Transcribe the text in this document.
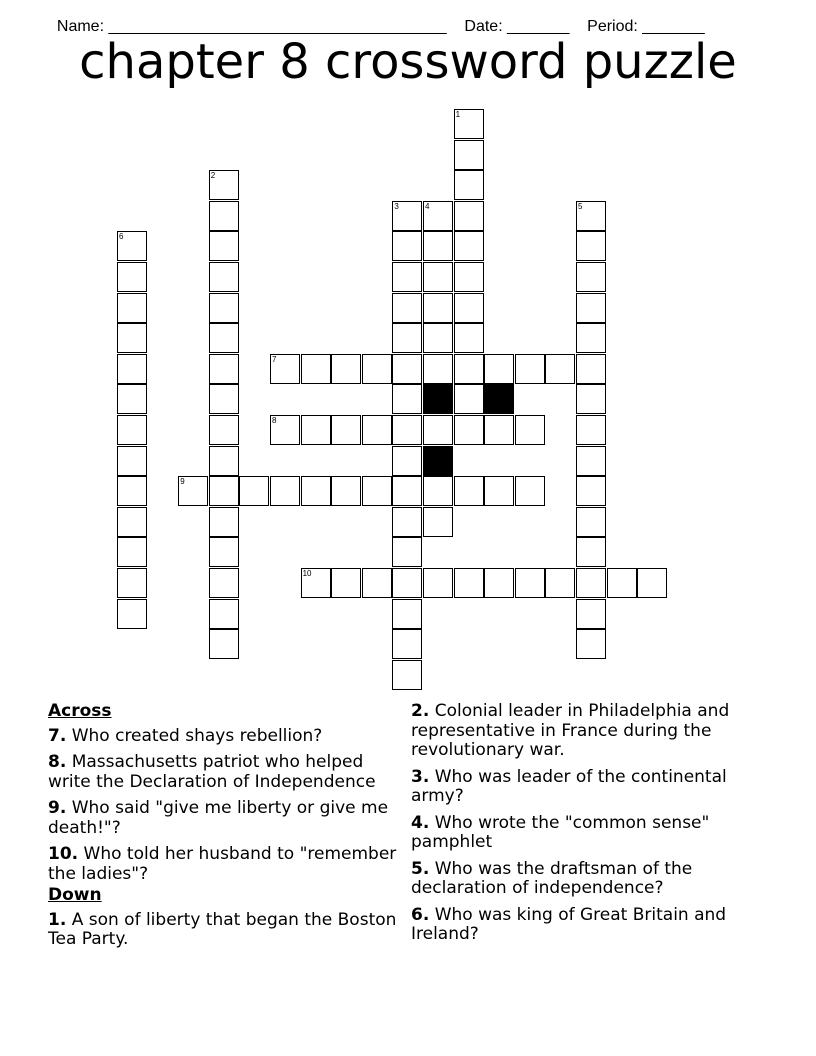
Name: ______________________________________ Date: _______ Period: _______

chapter 8 crossword puzzle
1
2
3	4	5
6
7
8
9
10
Across
7. Who created shays rebellion?
8. Massachusetts patriot who helped write the Declaration of Independence
9. Who said "give me liberty or give me death!"?
10. Who told her husband to "remember the ladies"?
Down
1. A son of liberty that began the Boston Tea Party.
2. Colonial leader in Philadelphia and representative in France during the revolutionary war.
3. Who was leader of the continental army?
4. Who wrote the "common sense" pamphlet
5. Who was the draftsman of the declaration of independence?
6. Who was king of Great Britain and Ireland?
